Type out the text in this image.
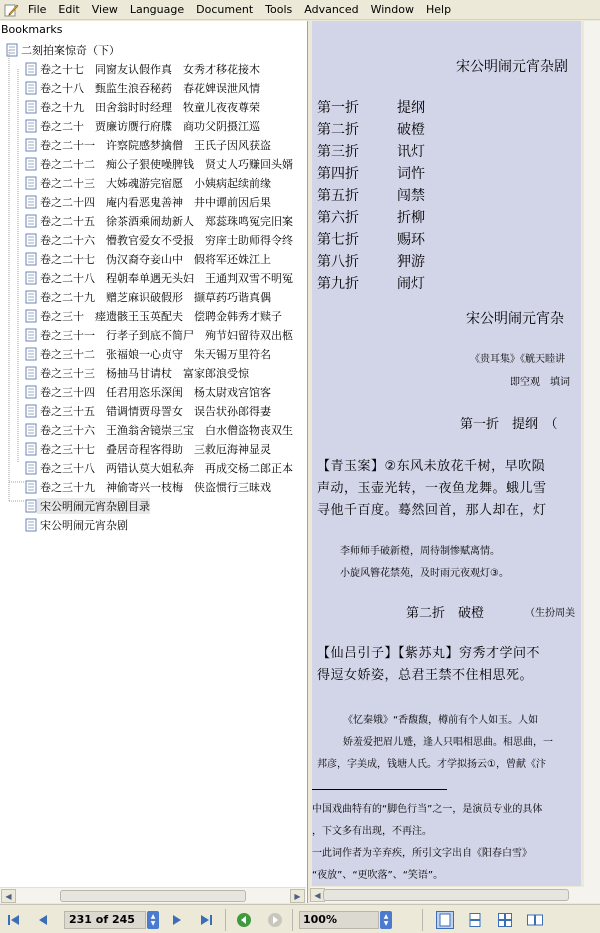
File	Edit	View	Language	Document	Tools	Advanced	Window	Help
Bookmarks
二刻拍案惊奇（下）
卷之十七　同窗友认假作真　女秀才移花接木
卷之十八　甄监生浪吞秘药　春花婢误泄风情
卷之十九　田舍翁时时经理　牧童儿夜夜尊荣
卷之二十　贾廉访赝行府牒　商功父阴摄江巡
卷之二十一　许察院感梦擒僧　王氏子因风获盗
卷之二十二　痴公子狠使噪脾钱　贤丈人巧赚回头婿
卷之二十三　大姊魂游完宿愿　小姨病起续前缘
卷之二十四　庵内看恶鬼善神　井中谭前因后果
卷之二十五　徐茶酒乘闹劫新人　郑蕊珠鸣冤完旧案
卷之二十六　懵教官爱女不受报　穷庠士助师得令终
卷之二十七　伪汉裔夺妾山中　假将军还姝江上
卷之二十八　程朝奉单遇无头妇　王通判双雪不明冤
卷之二十九　赠芝麻识破假形　撷草药巧谐真偶
卷之三十　瘗遗骸王玉英配夫　偿聘金韩秀才赎子
卷之三十一　行孝子到底不简尸　殉节妇留待双出柩
卷之三十二　张福娘一心贞守　朱天锡万里符名
卷之三十三　杨抽马甘请杖　富家郎浪受惊
卷之三十四　任君用恣乐深闺　杨太尉戏宫馆客
卷之三十五　错调情贾母詈女　误告状孙郎得妻
卷之三十六　王渔翁舍镜崇三宝　白水僧盗物丧双生
卷之三十七　叠居奇程客得助　三救厄海神显灵
卷之三十八　两错认莫大姐私奔　再成交杨二郎正本
卷之三十九　神偷寄兴一枝梅　侠盗惯行三昧戏
宋公明闹元宵杂剧目录
宋公明闹元宵杂剧
◀	▶
宋公明闹元宵杂剧
第一折	提纲
第二折	破橙
第三折	讯灯
第四折	词忤
第五折	闯禁
第六折	折柳
第七折	赐环
第八折	狎游
第九折	闹灯
宋公明闹元宵杂
《贵耳集》《觥天睦讲
即空观　填词
第一折　提纲　（
【青玉案】②东风未放花千树，早吹陨
声动，玉壶光转，一夜鱼龙舞。蛾儿雪
寻他千百度。蓦然回首，那人却在，灯
李师师手破新橙，周待制惨赋离情。
小旋风簪花禁苑，及时雨元夜观灯③。
第二折　破橙	（生扮周美
【仙吕引子】【紫苏丸】穷秀才学问不
得逗女娇姿，总君王禁不住相思死。
《忆秦娥》“香馥馥，樽前有个人如玉。人如
娇羞爱把眉儿蹙，逢人只唱相思曲。相思曲，一
邦彦，字美成，钱塘人氏。才学拟扬云①，曾献《汴
中国戏曲特有的“脚色行当”之一，是演员专业的具体
，下文多有出现，不再注。
一此词作者为辛弃疾，所引文字出自《阳春白雪》
“夜放”、“更吹落”、“笑语”。
◀
231 of 245	▲
▼	100%	▲
▼
